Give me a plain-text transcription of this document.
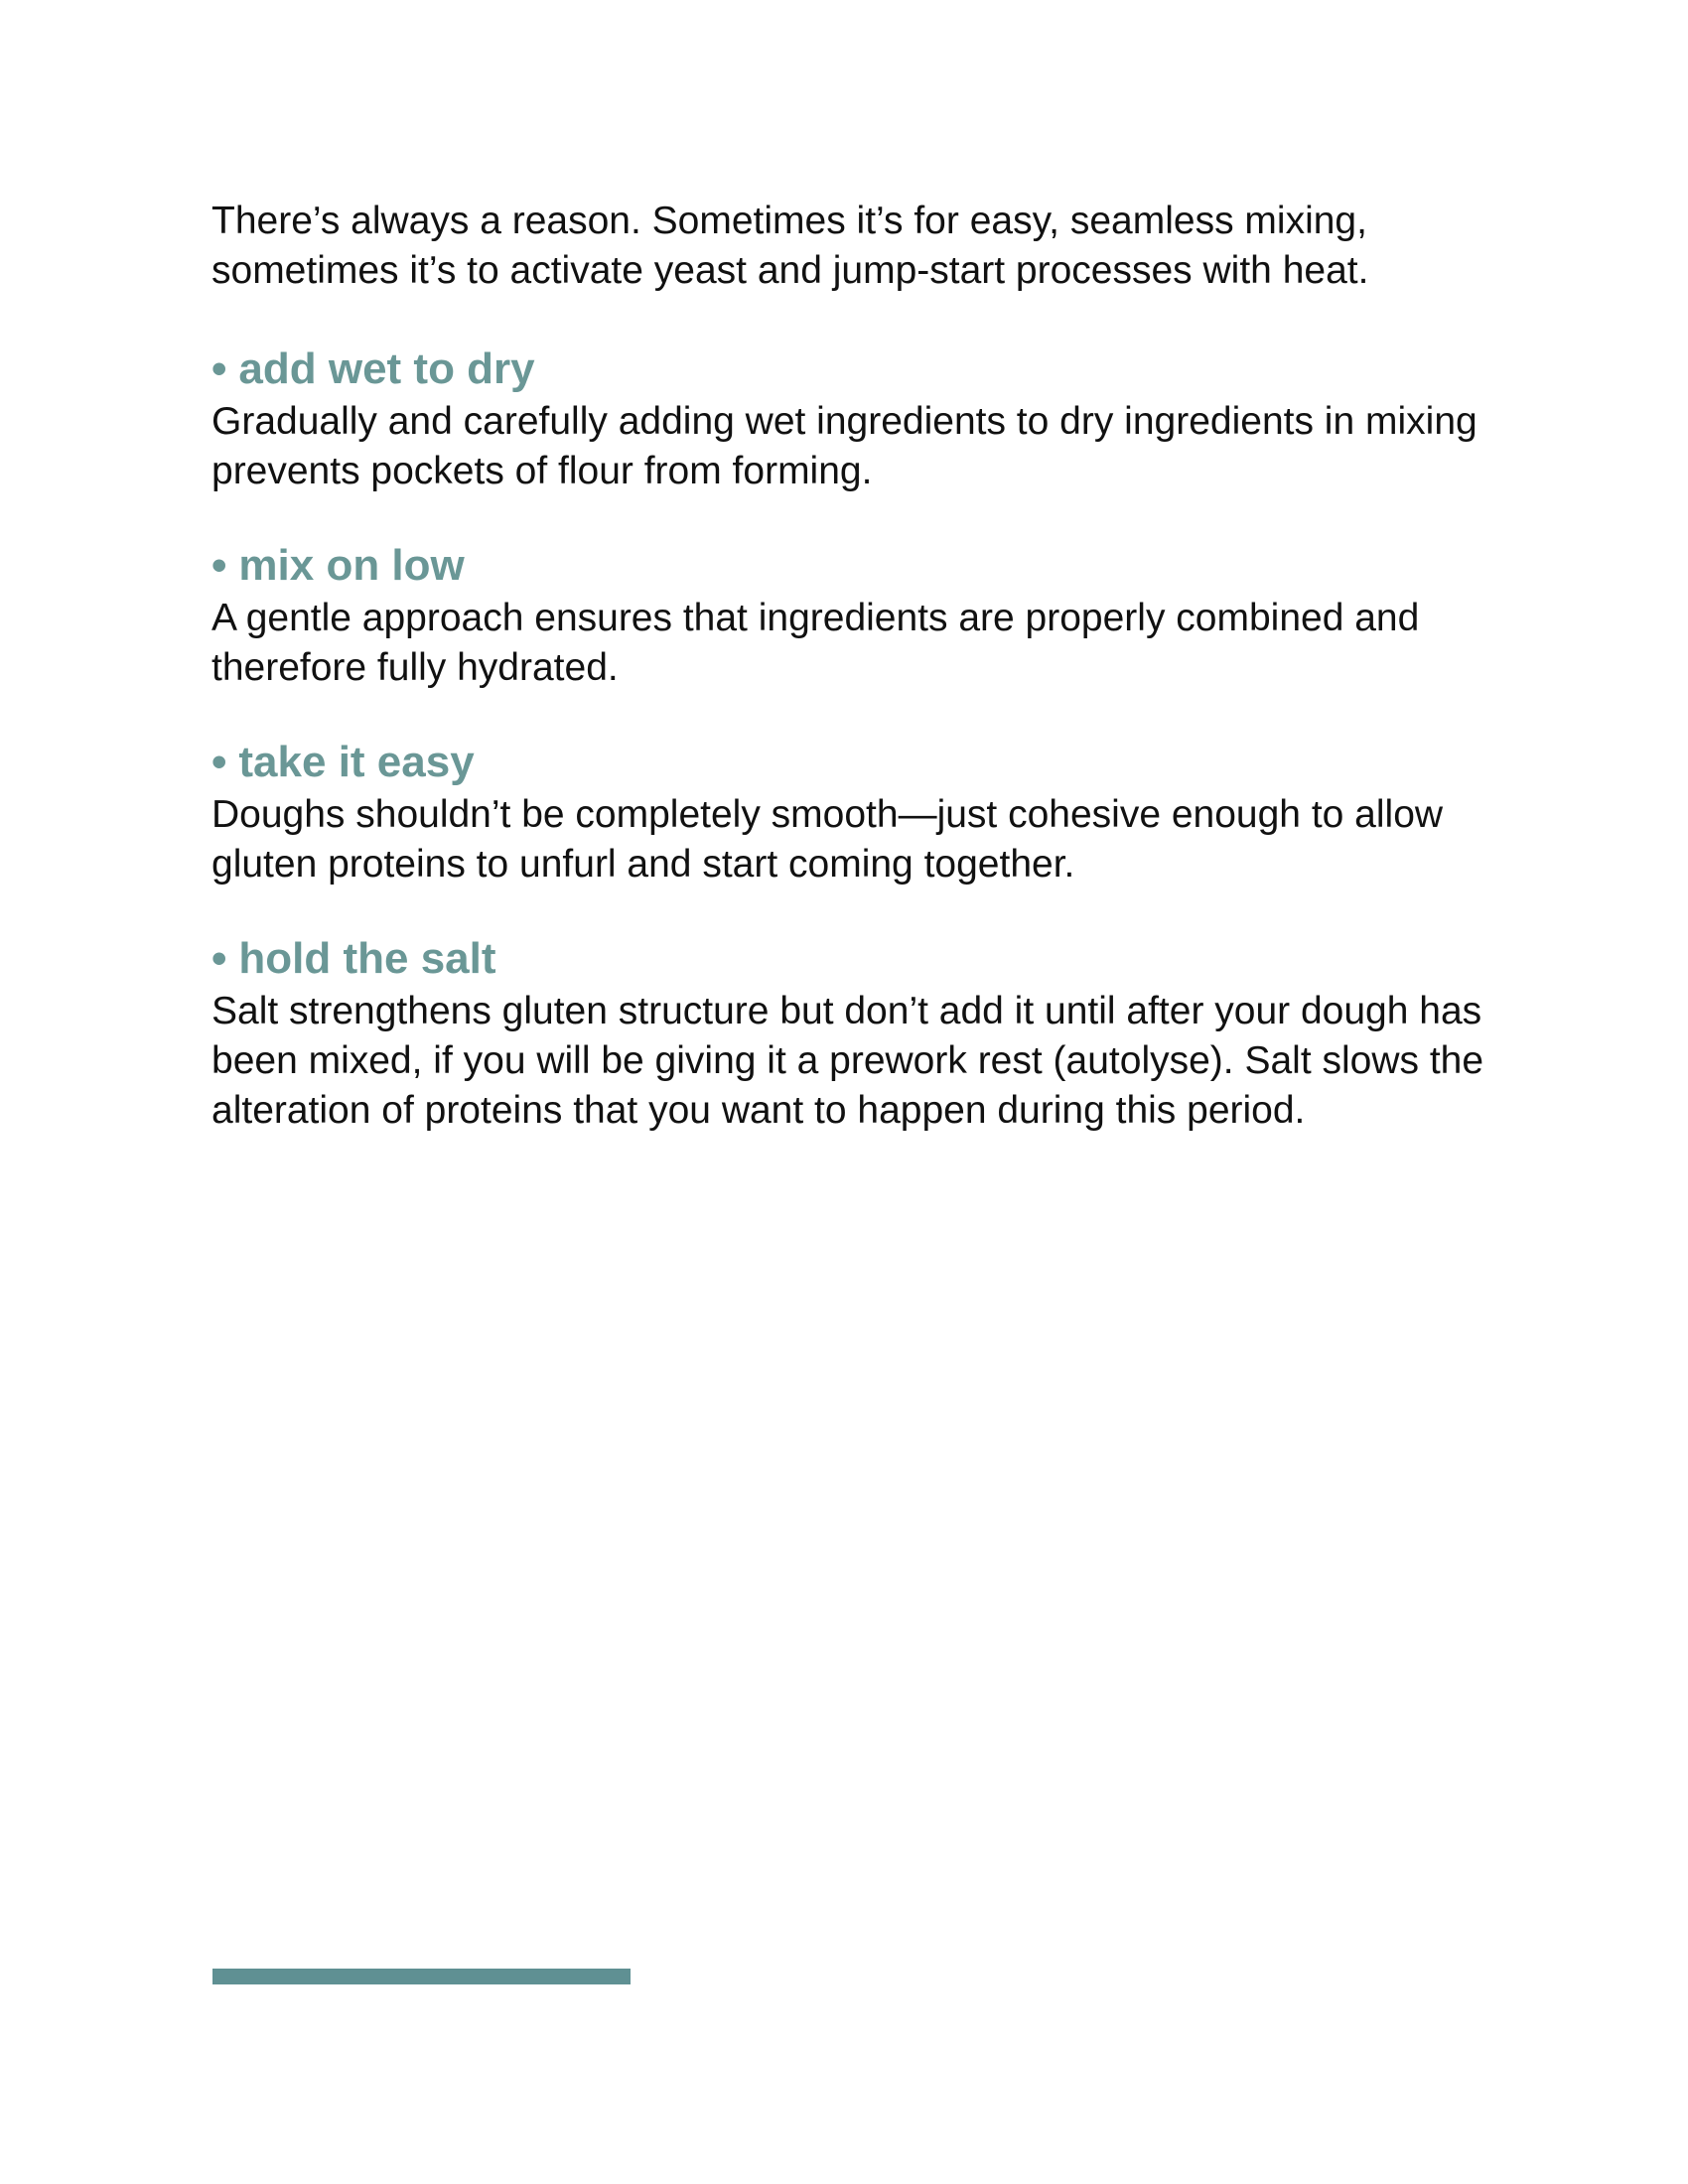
There’s always a reason. Sometimes it’s for easy, seamless mixing, sometimes it’s to activate yeast and jump-start processes with heat.

• add wet to dry

Gradually and carefully adding wet ingredients to dry ingredients in mixing prevents pockets of flour from forming.

• mix on low

A gentle approach ensures that ingredients are properly combined and therefore fully hydrated.

• take it easy

Doughs shouldn’t be completely smooth—just cohesive enough to allow gluten proteins to unfurl and start coming together.

• hold the salt

Salt strengthens gluten structure but don’t add it until after your dough has been mixed, if you will be giving it a prework rest (autolyse). Salt slows the alteration of proteins that you want to happen during this period.
